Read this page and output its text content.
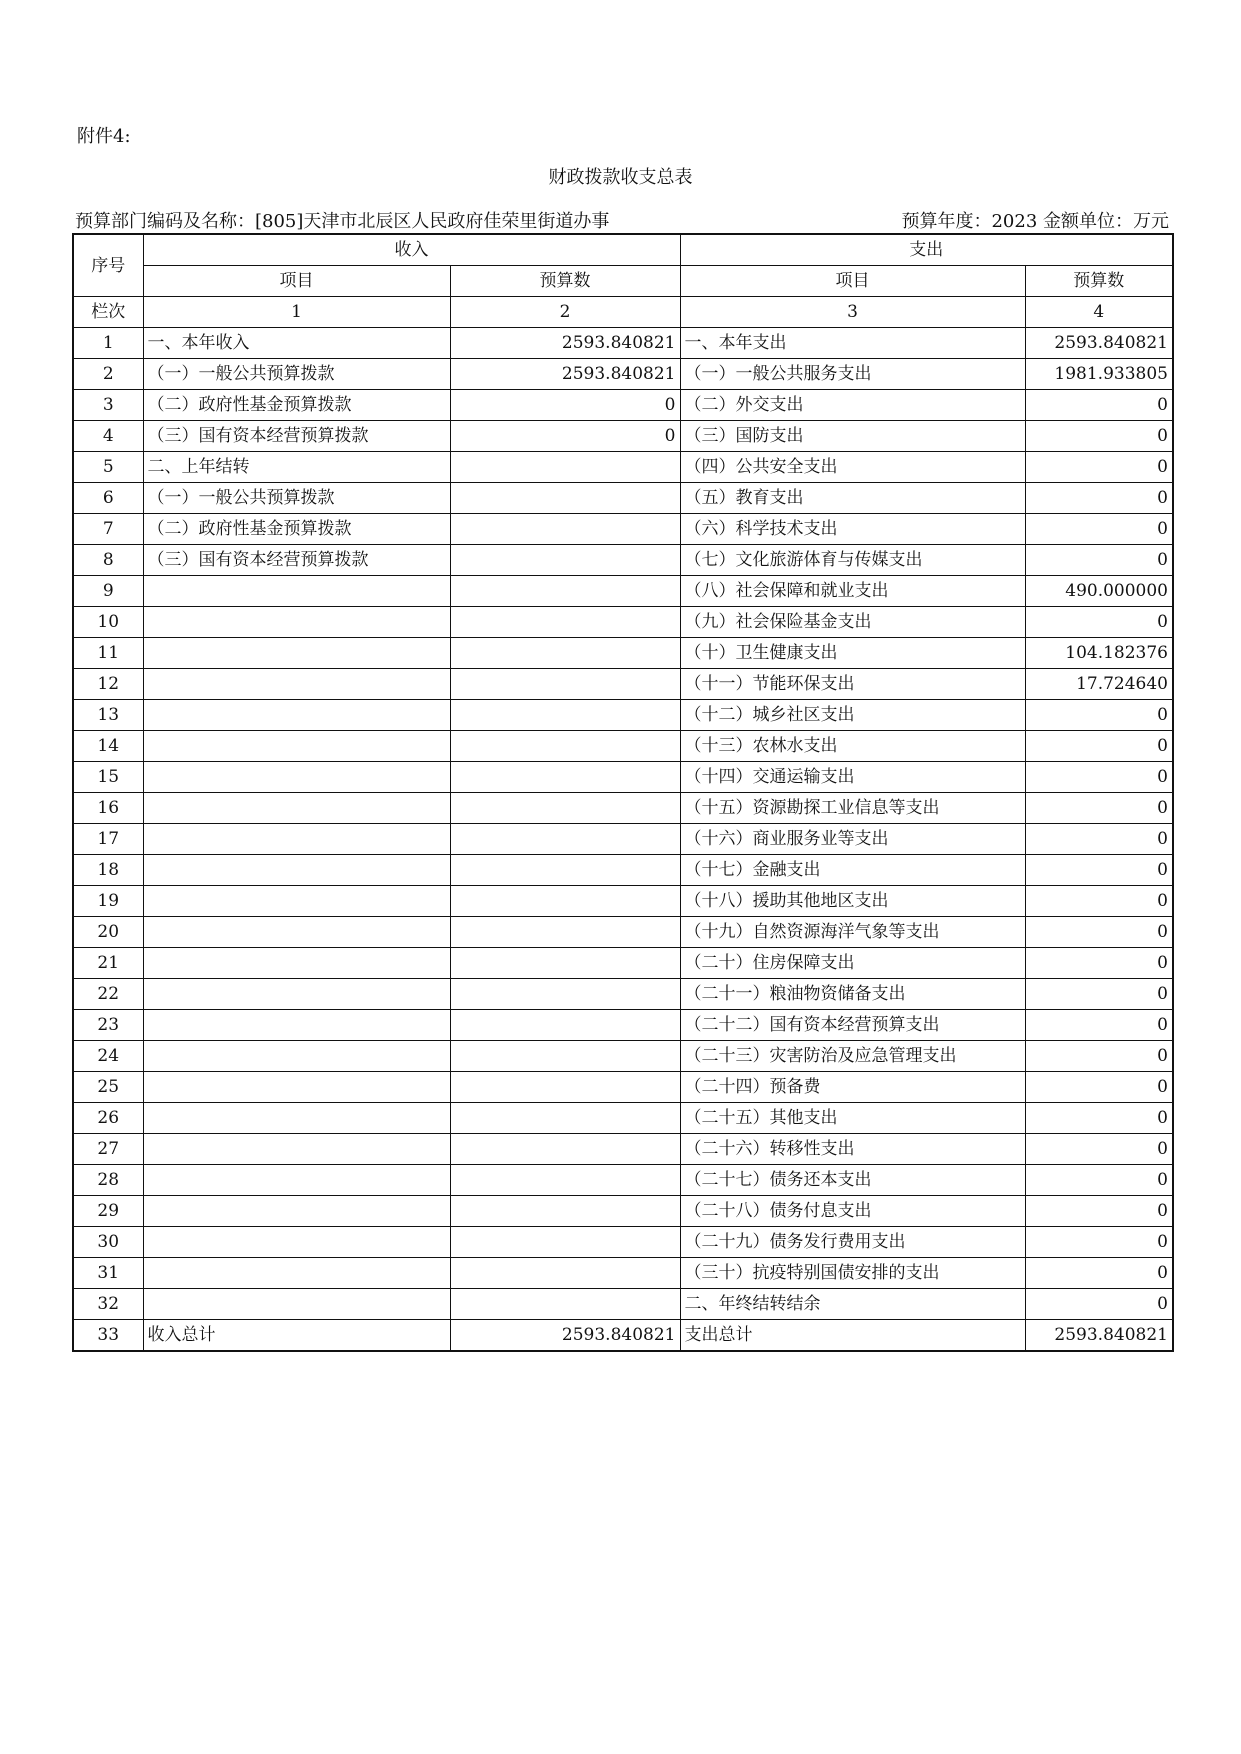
附件4:
财政拨款收支总表
预算部门编码及名称：[805]天津市北辰区人民政府佳荣里街道办事	预算年度：2023 金额单位：万元
序号	收入		支出	
	项目	预算数	项目	预算数
栏次	1	2	3	4
1	一、本年收入	2593.840821	一、本年支出	2593.840821
2	（一）一般公共预算拨款	2593.840821	（一）一般公共服务支出	1981.933805
3	（二）政府性基金预算拨款	0	（二）外交支出	0
4	（三）国有资本经营预算拨款	0	（三）国防支出	0
5	二、上年结转		（四）公共安全支出	0
6	（一）一般公共预算拨款		（五）教育支出	0
7	（二）政府性基金预算拨款		（六）科学技术支出	0
8	（三）国有资本经营预算拨款		（七）文化旅游体育与传媒支出	0
9			（八）社会保障和就业支出	490.000000
10			（九）社会保险基金支出	0
11			（十）卫生健康支出	104.182376
12			（十一）节能环保支出	17.724640
13			（十二）城乡社区支出	0
14			（十三）农林水支出	0
15			（十四）交通运输支出	0
16			（十五）资源勘探工业信息等支出	0
17			（十六）商业服务业等支出	0
18			（十七）金融支出	0
19			（十八）援助其他地区支出	0
20			（十九）自然资源海洋气象等支出	0
21			（二十）住房保障支出	0
22			（二十一）粮油物资储备支出	0
23			（二十二）国有资本经营预算支出	0
24			（二十三）灾害防治及应急管理支出	0
25			（二十四）预备费	0
26			（二十五）其他支出	0
27			（二十六）转移性支出	0
28			（二十七）债务还本支出	0
29			（二十八）债务付息支出	0
30			（二十九）债务发行费用支出	0
31			（三十）抗疫特别国债安排的支出	0
32			二、年终结转结余	0
33	收入总计	2593.840821	支出总计	2593.840821
